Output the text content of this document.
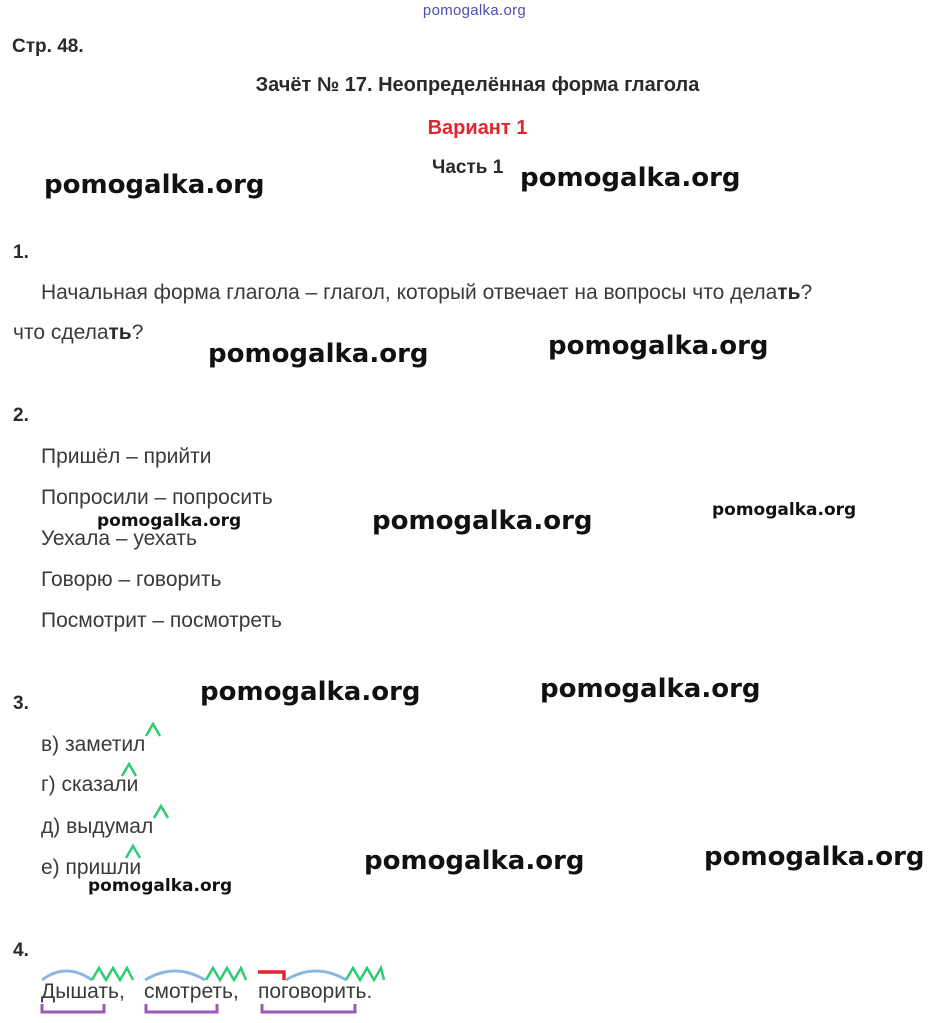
pomogalka.org
Стр. 48.
Зачёт № 17. Неопределённая форма глагола
Вариант 1
Часть 1
pomogalka.org	pomogalka.org
pomogalka.org	pomogalka.org
pomogalka.org	pomogalka.org	pomogalka.org
pomogalka.org	pomogalka.org
pomogalka.org	pomogalka.org
1.
Начальная форма глагола – глагол, который отвечает на вопросы что делать?
что сделать?
2.
Пришёл – прийти
Попросили – попросить
Уехала – уехать
Говорю – говорить
Посмотрит – посмотреть
3.
в) заметил
г) сказали
д) выдумал
е) пришли
pomogalka.org
4.
Дышать, смотреть, поговорить.
